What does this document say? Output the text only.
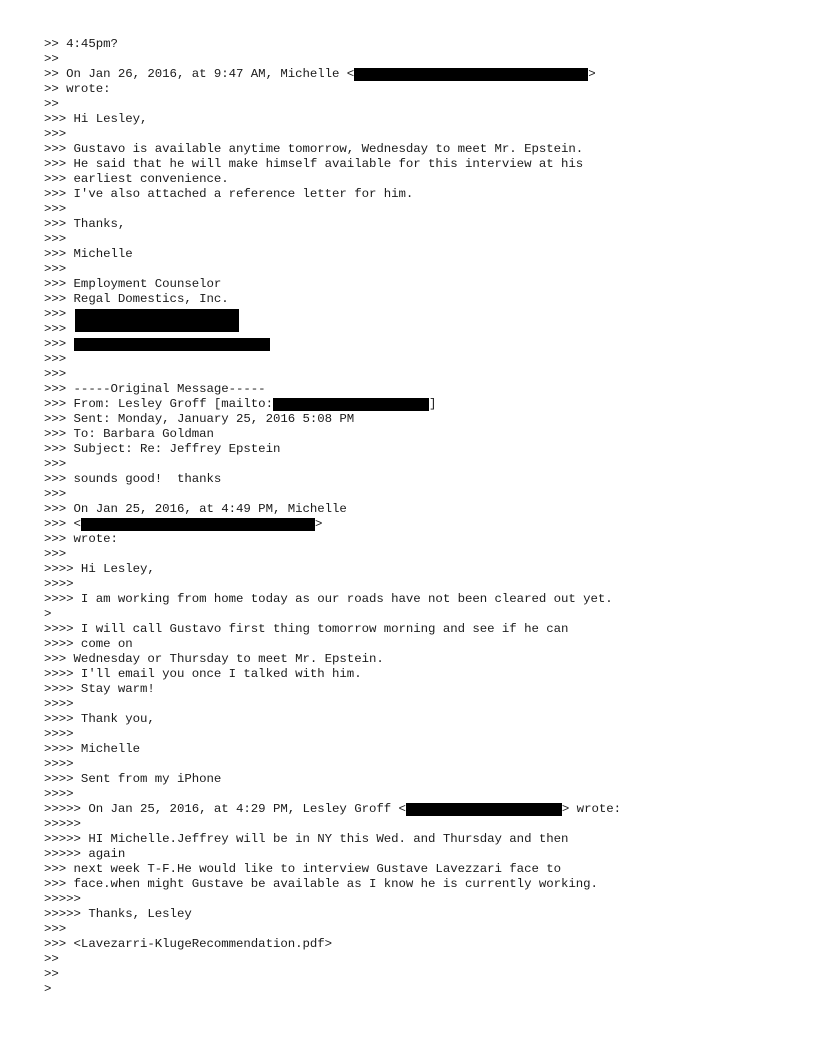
>> 4:45pm?
>>
>> On Jan 26, 2016, at 9:47 AM, Michelle <	>
>> wrote:
>>
>>> Hi Lesley,
>>>
>>> Gustavo is available anytime tomorrow, Wednesday to meet Mr. Epstein.
>>> He said that he will make himself available for this interview at his
>>> earliest convenience.
>>> I've also attached a reference letter for him.
>>>
>>> Thanks,
>>>
>>> Michelle
>>>
>>> Employment Counselor
>>> Regal Domestics, Inc.
>>>
>>>
>>>
>>>
>>>
>>> -----Original Message-----
>>> From: Lesley Groff [mailto:	]
>>> Sent: Monday, January 25, 2016 5:08 PM
>>> To: Barbara Goldman
>>> Subject: Re: Jeffrey Epstein
>>>
>>> sounds good!  thanks
>>>
>>> On Jan 25, 2016, at 4:49 PM, Michelle
>>> <	>
>>> wrote:
>>>
>>>> Hi Lesley,
>>>>
>>>> I am working from home today as our roads have not been cleared out yet.
>
>>>> I will call Gustavo first thing tomorrow morning and see if he can
>>>> come on
>>> Wednesday or Thursday to meet Mr. Epstein.
>>>> I'll email you once I talked with him.
>>>> Stay warm!
>>>>
>>>> Thank you,
>>>>
>>>> Michelle
>>>>
>>>> Sent from my iPhone
>>>>
>>>>> On Jan 25, 2016, at 4:29 PM, Lesley Groff <	> wrote:
>>>>>
>>>>> HI Michelle.Jeffrey will be in NY this Wed. and Thursday and then
>>>>> again
>>> next week T-F.He would like to interview Gustave Lavezzari face to
>>> face.when might Gustave be available as I know he is currently working.
>>>>>
>>>>> Thanks, Lesley
>>>
>>> <Lavezarri-KlugeRecommendation.pdf>
>>
>>
>
